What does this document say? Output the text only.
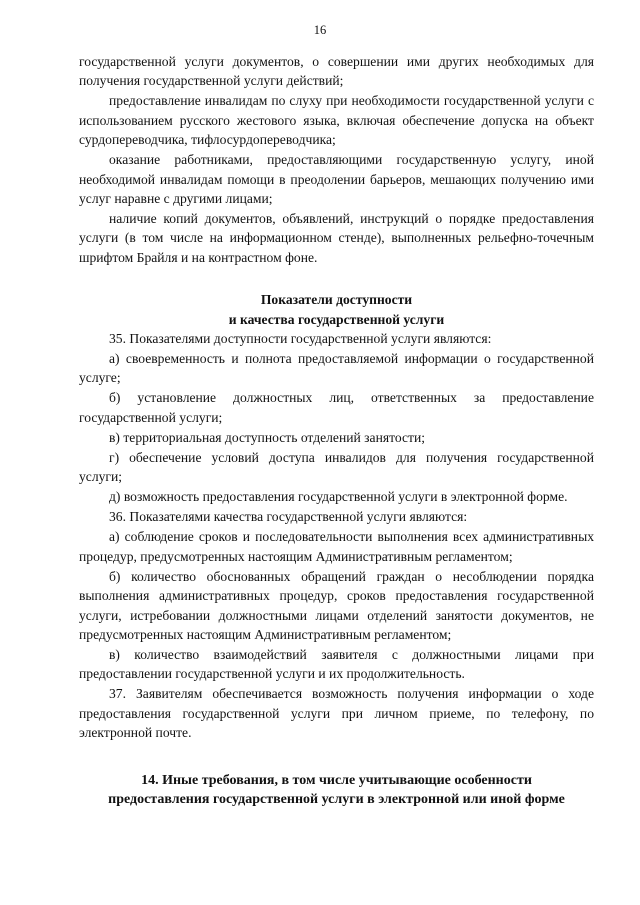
16

государственной услуги документов, о совершении ими других необходимых для получения государственной услуги действий;

предоставление инвалидам по слуху при необходимости государственной услуги с использованием русского жестового языка, включая обеспечение допуска на объект сурдопереводчика, тифлосурдопереводчика;

оказание работниками, предоставляющими государственную услугу, иной необходимой инвалидам помощи в преодолении барьеров, мешающих получению ими услуг наравне с другими лицами;

наличие копий документов, объявлений, инструкций о порядке предоставления услуги (в том числе на информационном стенде), выполненных рельефно-точечным шрифтом Брайля и на контрастном фоне.

Показатели доступности

и качества государственной услуги

35. Показателями доступности государственной услуги являются:

а) своевременность и полнота предоставляемой информации о государственной услуге;

б) установление должностных лиц, ответственных за предоставление государственной услуги;

в) территориальная доступность отделений занятости;

г) обеспечение условий доступа инвалидов для получения государственной услуги;

д) возможность предоставления государственной услуги в электронной форме.

36. Показателями качества государственной услуги являются:

а) соблюдение сроков и последовательности выполнения всех административных процедур, предусмотренных настоящим Административным регламентом;

б) количество обоснованных обращений граждан о несоблюдении порядка выполнения административных процедур, сроков предоставления государственной услуги, истребовании должностными лицами отделений занятости документов, не предусмотренных настоящим Административным регламентом;

в) количество взаимодействий заявителя с должностными лицами при предоставлении государственной услуги и их продолжительность.

37. Заявителям обеспечивается возможность получения информации о ходе предоставления государственной услуги при личном приеме, по телефону, по электронной почте.

14. Иные требования, в том числе учитывающие особенности

предоставления государственной услуги в электронной или иной форме
